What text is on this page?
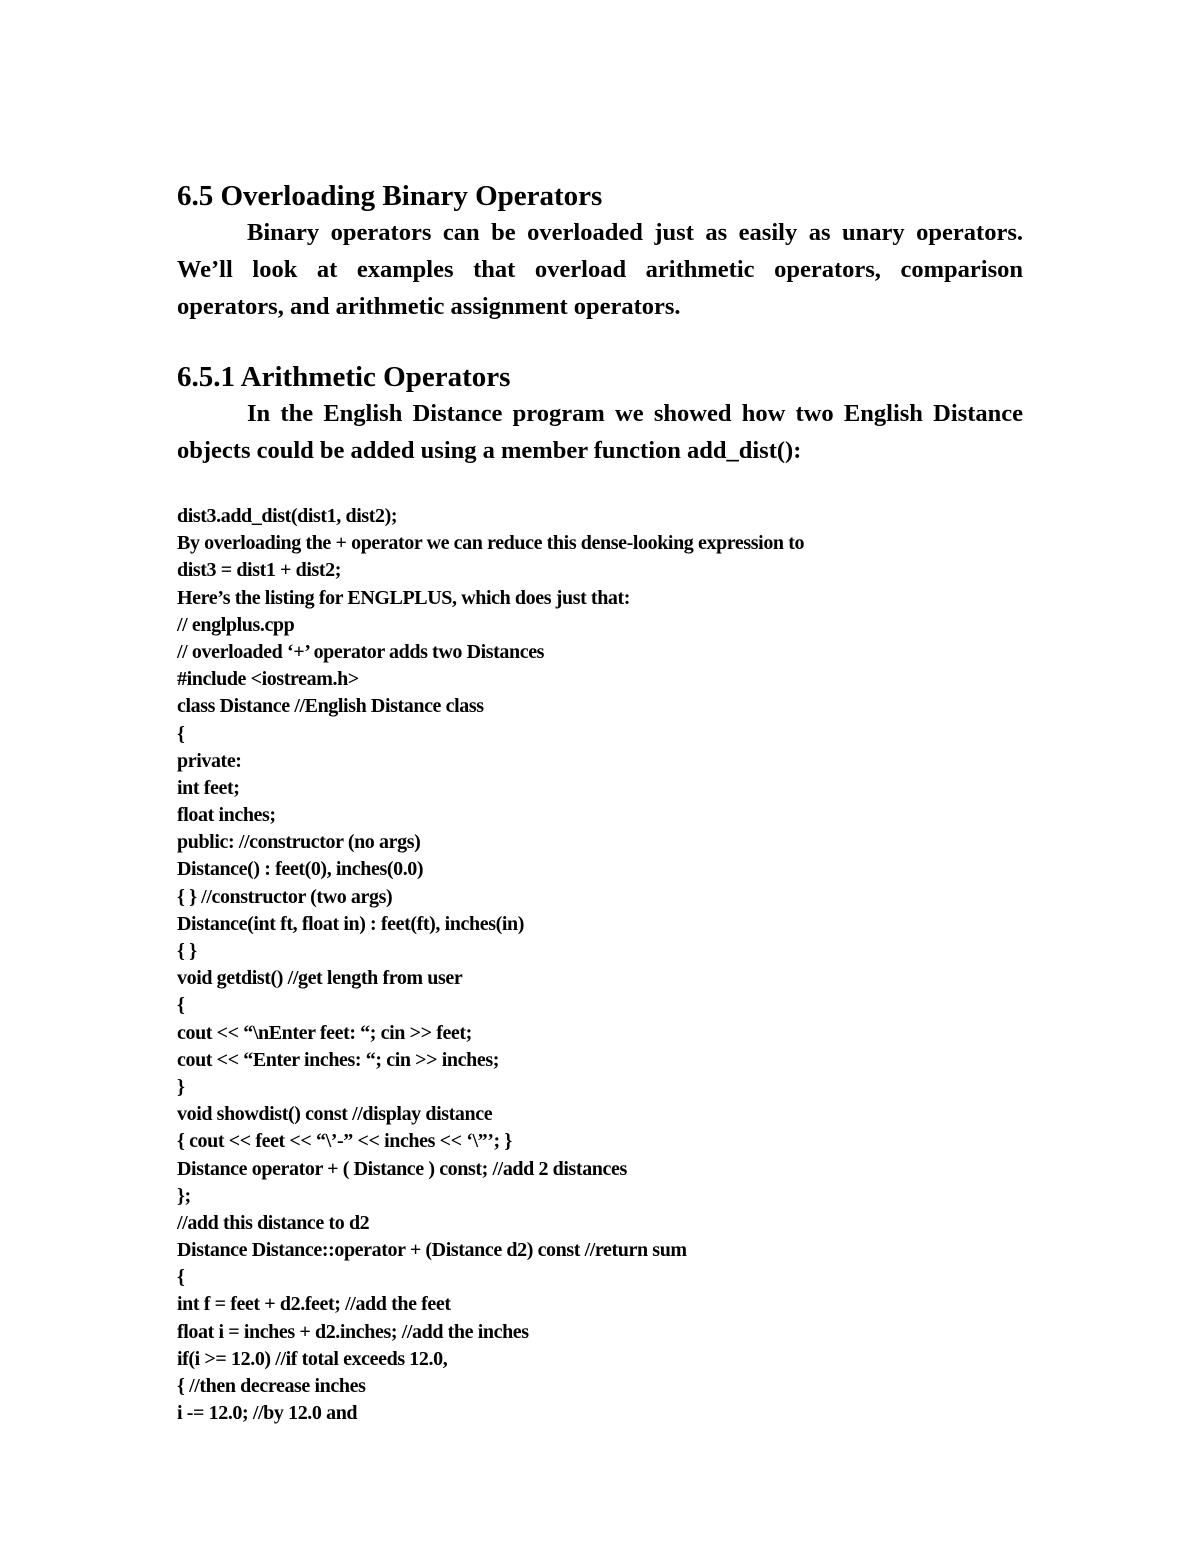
6.5 Overloading Binary Operators

Binary operators can be overloaded just as easily as unary operators. We’ll look at examples that overload arithmetic operators, comparison operators, and arithmetic assignment operators.

6.5.1 Arithmetic Operators

In the English Distance program we showed how two English Distance objects could be added using a member function add_dist():

dist3.add_dist(dist1, dist2);
By overloading the + operator we can reduce this dense-looking expression to
dist3 = dist1 + dist2;
Here’s the listing for ENGLPLUS, which does just that:
// englplus.cpp
// overloaded ‘+’ operator adds two Distances
#include <iostream.h>
class Distance //English Distance class
{
private:
int feet;
float inches;
public: //constructor (no args)
Distance() : feet(0), inches(0.0)
{ } //constructor (two args)
Distance(int ft, float in) : feet(ft), inches(in)
{ }
void getdist() //get length from user
{
cout << “\nEnter feet: “; cin >> feet;
cout << “Enter inches: “; cin >> inches;
}
void showdist() const //display distance
{ cout << feet << “\’-” << inches << ‘\”’; }
Distance operator + ( Distance ) const; //add 2 distances
};
//add this distance to d2
Distance Distance::operator + (Distance d2) const //return sum
{
int f = feet + d2.feet; //add the feet
float i = inches + d2.inches; //add the inches
if(i >= 12.0) //if total exceeds 12.0,
{ //then decrease inches
i -= 12.0; //by 12.0 and
